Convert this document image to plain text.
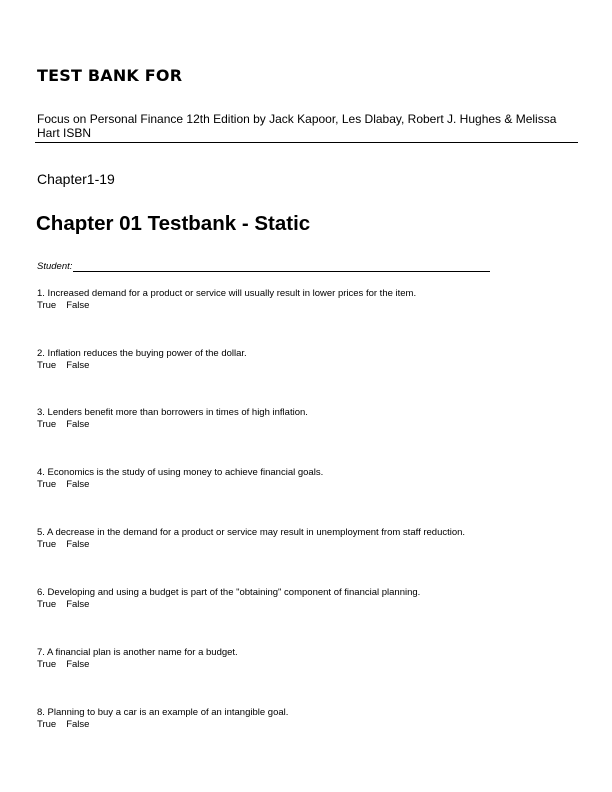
TEST BANK FOR
Focus on Personal Finance 12th Edition by Jack Kapoor, Les Dlabay, Robert J. Hughes & Melissa Hart ISBN
Chapter1-19
Chapter 01 Testbank - Static
Student:
1. Increased demand for a product or service will usually result in lower prices for the item.
True False
2. Inflation reduces the buying power of the dollar.
True False
3. Lenders benefit more than borrowers in times of high inflation.
True False
4. Economics is the study of using money to achieve financial goals.
True False
5. A decrease in the demand for a product or service may result in unemployment from staff reduction.
True False
6. Developing and using a budget is part of the "obtaining" component of financial planning.
True False
7. A financial plan is another name for a budget.
True False
8. Planning to buy a car is an example of an intangible goal.
True False
